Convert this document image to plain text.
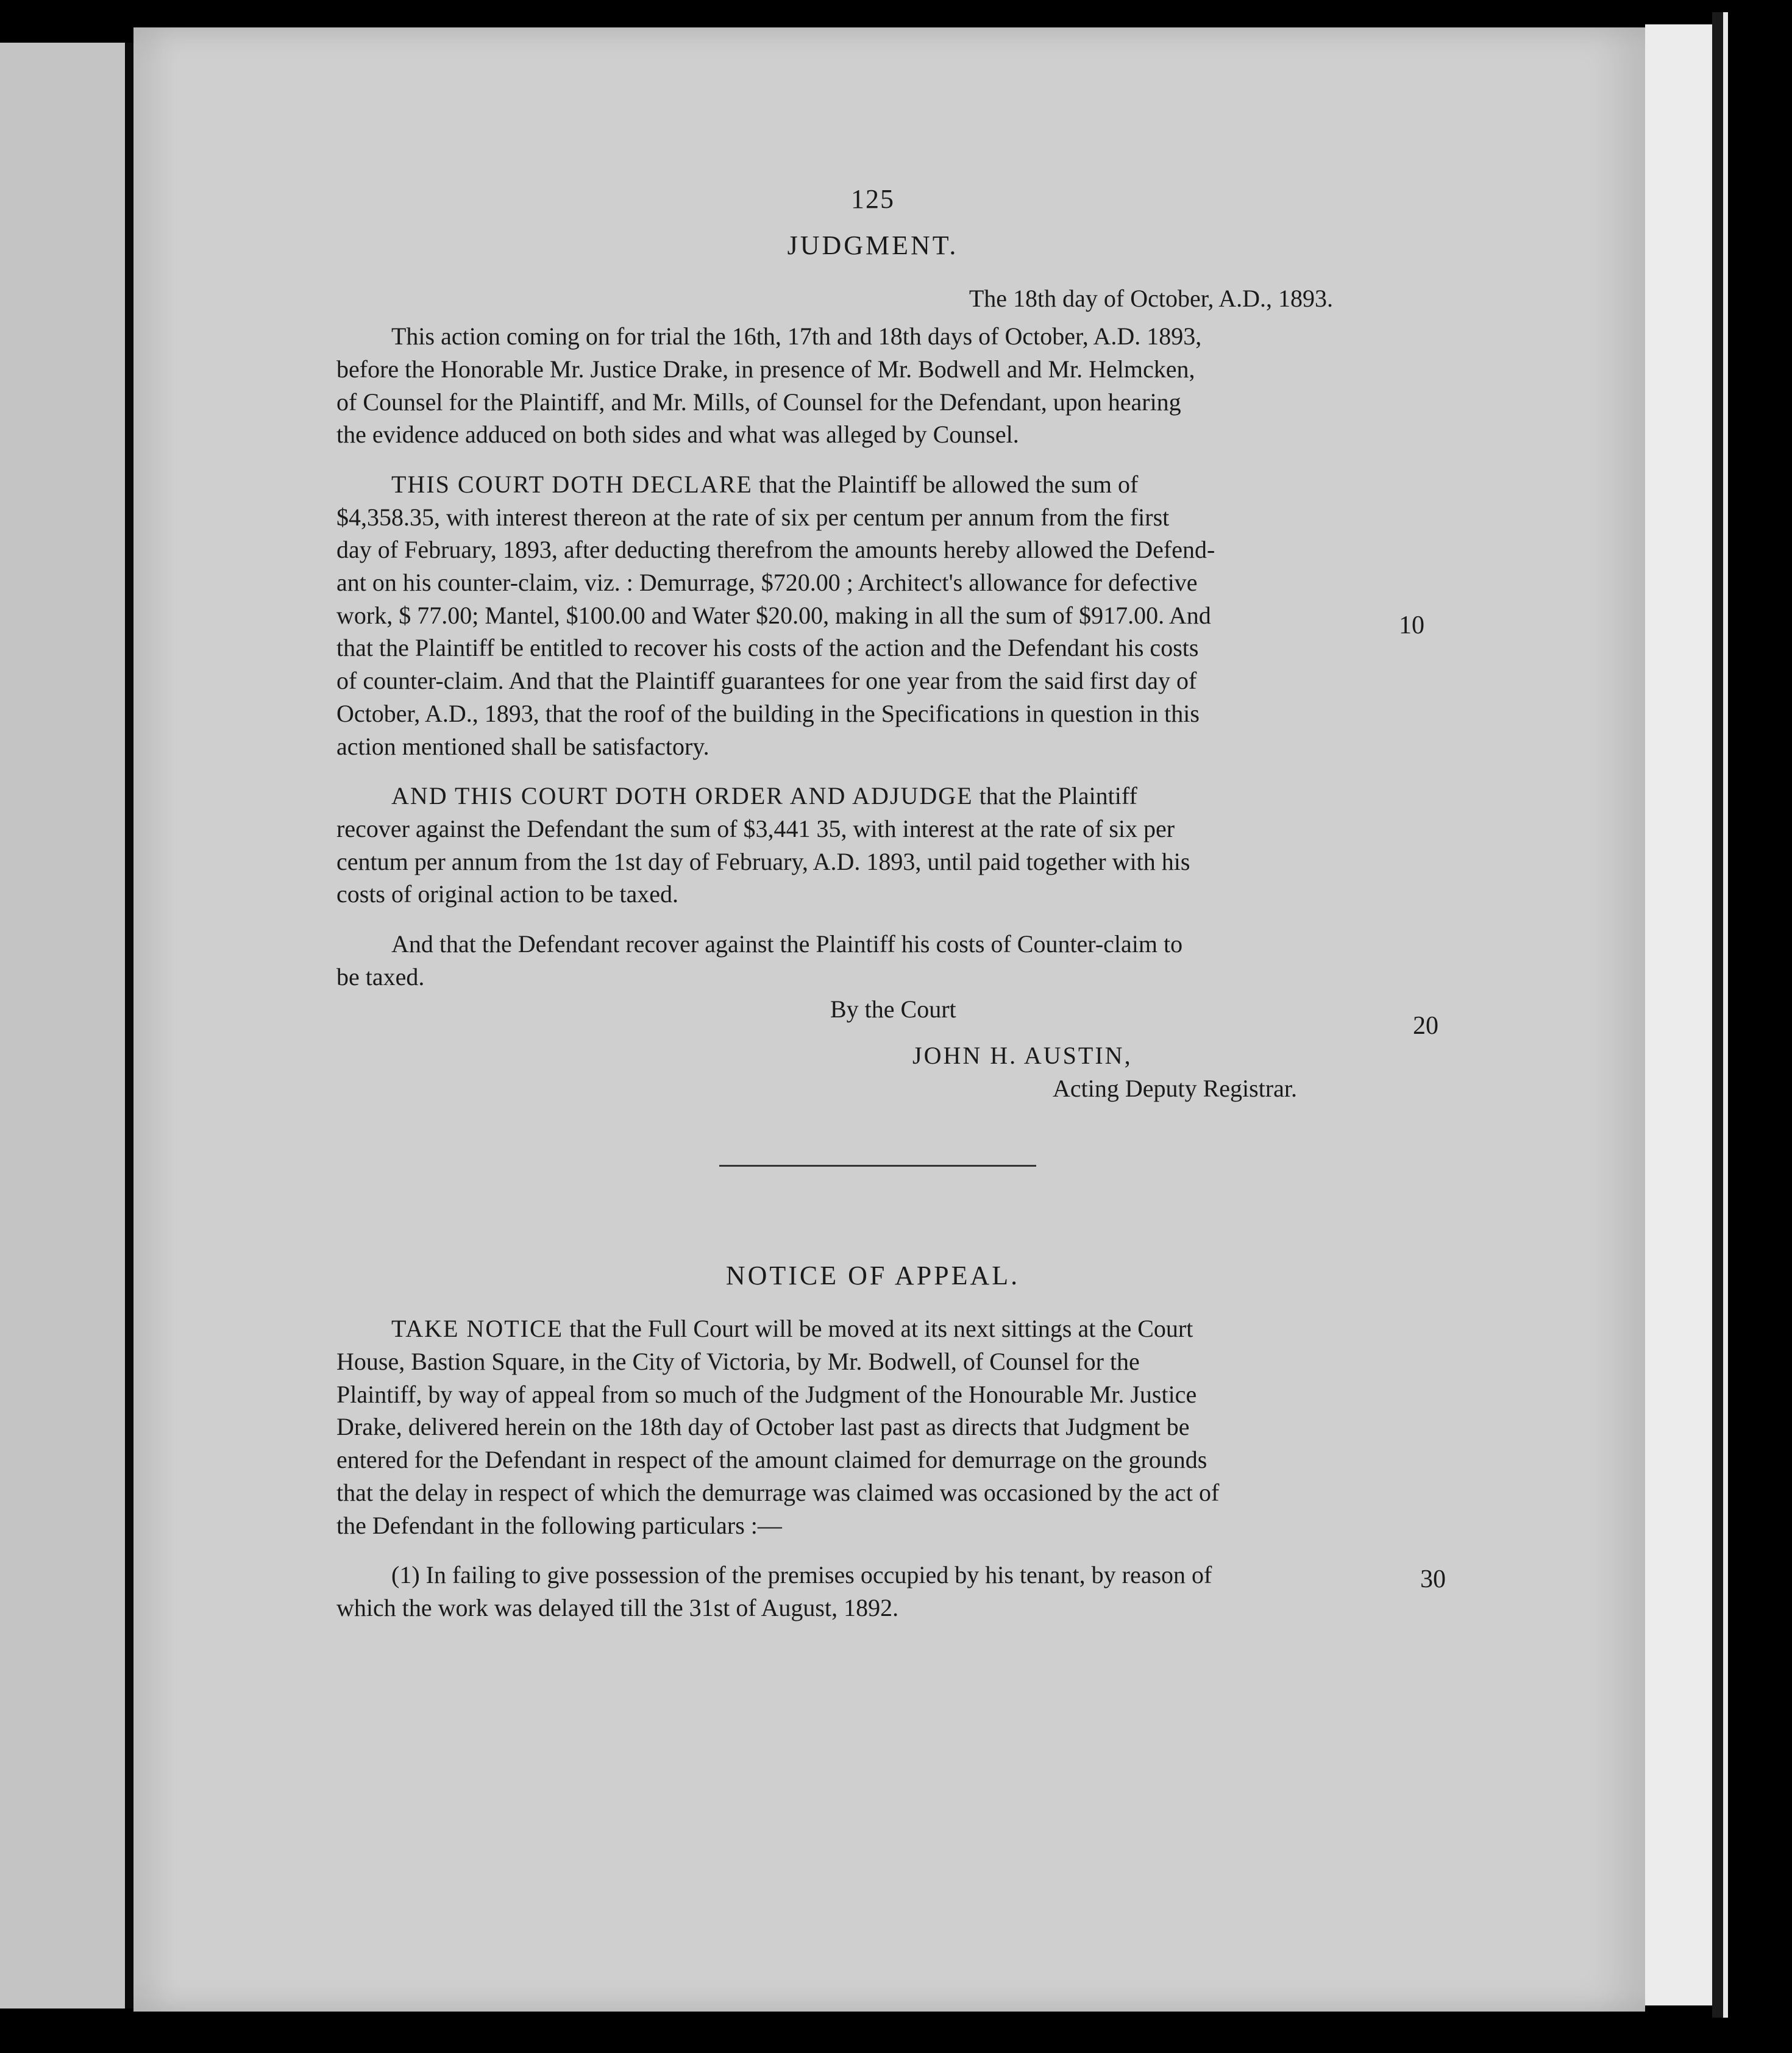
125
JUDGMENT.
The 18th day of October, A.D., 1893.

This action coming on for trial the 16th, 17th and 18th days of October, A.D. 1893,
before the Honorable Mr. Justice Drake, in presence of Mr. Bodwell and Mr. Helmcken,
of Counsel for the Plaintiff, and Mr. Mills, of Counsel for the Defendant, upon hearing
the evidence adduced on both sides and what was alleged by Counsel.

THIS COURT DOTH DECLARE that the Plaintiff be allowed the sum of
$4,358.35, with interest thereon at the rate of six per centum per annum from the first
day of February, 1893, after deducting therefrom the amounts hereby allowed the Defend-
ant on his counter-claim, viz. : Demurrage, $720.00 ; Architect's allowance for defective
work, $ 77.00; Mantel, $100.00 and Water $20.00, making in all the sum of $917.00. And
that the Plaintiff be entitled to recover his costs of the action and the Defendant his costs
of counter-claim. And that the Plaintiff guarantees for one year from the said first day of
October, A.D., 1893, that the roof of the building in the Specifications in question in this
action mentioned shall be satisfactory.

AND THIS COURT DOTH ORDER AND ADJUDGE that the Plaintiff
recover against the Defendant the sum of $3,441 35, with interest at the rate of six per
centum per annum from the 1st day of February, A.D. 1893, until paid together with his
costs of original action to be taxed.

And that the Defendant recover against the Plaintiff his costs of Counter-claim to
be taxed.

By the Court

JOHN H. AUSTIN,

Acting Deputy Registrar.

NOTICE OF APPEAL.

TAKE NOTICE that the Full Court will be moved at its next sittings at the Court
House, Bastion Square, in the City of Victoria, by Mr. Bodwell, of Counsel for the
Plaintiff, by way of appeal from so much of the Judgment of the Honourable Mr. Justice
Drake, delivered herein on the 18th day of October last past as directs that Judgment be
entered for the Defendant in respect of the amount claimed for demurrage on the grounds
that the delay in respect of which the demurrage was claimed was occasioned by the act of
the Defendant in the following particulars :—

(1) In failing to give possession of the premises occupied by his tenant, by reason of
which the work was delayed till the 31st of August, 1892.

10
20
30
